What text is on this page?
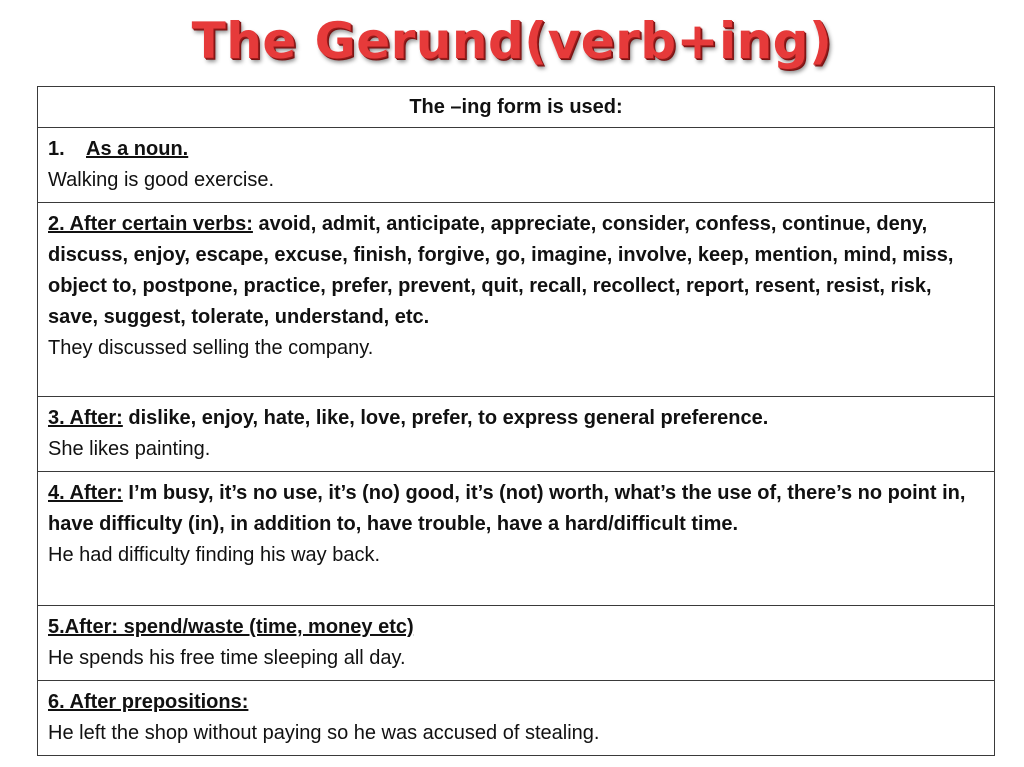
The Gerund(verb+ing)
The –ing form is used:

1. As a noun.
Walking is good exercise.

2. After certain verbs: avoid, admit, anticipate, appreciate, consider, confess, continue, deny, discuss, enjoy, escape, excuse, finish, forgive, go, imagine, involve, keep, mention, mind, miss, object to, postpone, practice, prefer, prevent, quit, recall, recollect, report, resent, resist, risk, save, suggest, tolerate, understand, etc.
They discussed selling the company.

3. After: dislike, enjoy, hate, like, love, prefer, to express general preference.
She likes painting.

4. After: I’m busy, it’s no use, it’s (no) good, it’s (not) worth, what’s the use of, there’s no point in, have difficulty (in), in addition to, have trouble, have a hard/difficult time.
He had difficulty finding his way back.

5.After: spend/waste (time, money etc)
He spends his free time sleeping all day.

6. After prepositions:
He left the shop without paying so he was accused of stealing.
